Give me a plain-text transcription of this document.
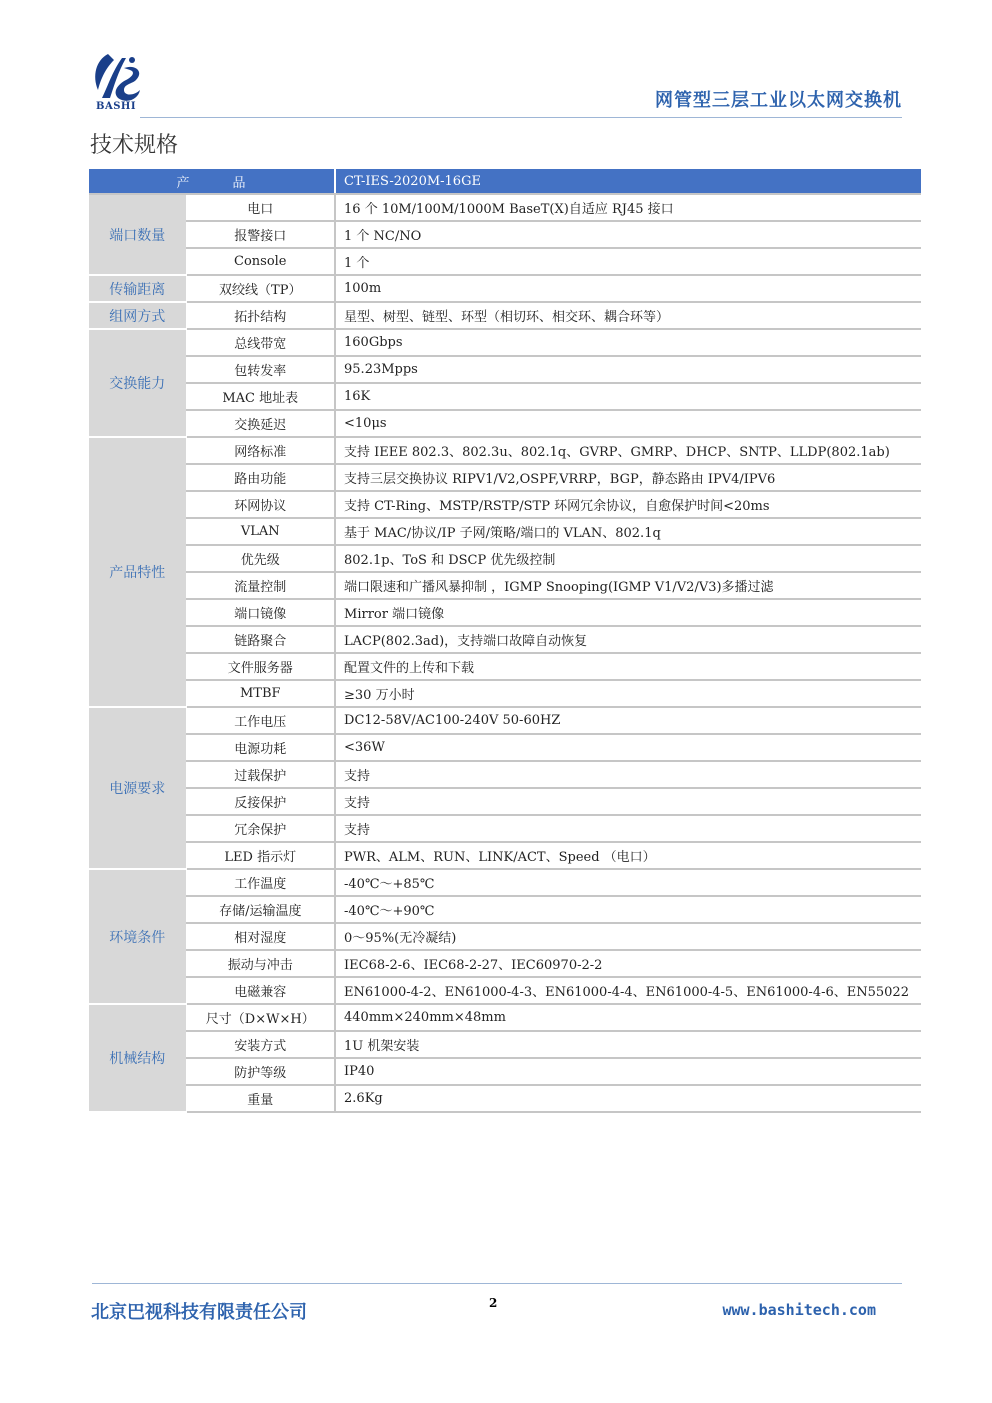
BASHI	网管型三层工业以太网交换机
技术规格
产　　　品		CT-IES-2020M-16GE
端口数量	电口	16 个 10M/100M/1000M BaseT(X)自适应 RJ45 接口
	报警接口	1 个 NC/NO
	Console	1 个
传输距离	双绞线（TP）	100m
组网方式	拓扑结构	星型、树型、链型、环型（相切环、相交环、耦合环等）
交换能力	总线带宽	160Gbps
	包转发率	95.23Mpps
	MAC 地址表	16K
	交换延迟	<10μs
产品特性	网络标准	支持 IEEE 802.3、802.3u、802.1q、GVRP、GMRP、DHCP、SNTP、LLDP(802.1ab)
	路由功能	支持三层交换协议 RIPV1/V2,OSPF,VRRP，BGP，静态路由 IPV4/IPV6
	环网协议	支持 CT-Ring、MSTP/RSTP/STP 环网冗余协议，自愈保护时间<20ms
	VLAN	基于 MAC/协议/IP 子网/策略/端口的 VLAN、802.1q
	优先级	802.1p、ToS 和 DSCP 优先级控制
	流量控制	端口限速和广播风暴抑制 ，IGMP Snooping(IGMP V1/V2/V3)多播过滤
	端口镜像	Mirror 端口镜像
	链路聚合	LACP(802.3ad)，支持端口故障自动恢复
	文件服务器	配置文件的上传和下载
	MTBF	≥30 万小时
电源要求	工作电压	DC12-58V/AC100-240V 50-60HZ
	电源功耗	<36W
	过载保护	支持
	反接保护	支持
	冗余保护	支持
	LED 指示灯	PWR、ALM、RUN、LINK/ACT、Speed （电口）
环境条件	工作温度	-40℃～+85℃
	存储/运输温度	-40℃～+90℃
	相对湿度	0～95%(无冷凝结)
	振动与冲击	IEC68-2-6、IEC68-2-27、IEC60970-2-2
	电磁兼容	EN61000-4-2、EN61000-4-3、EN61000-4-4、EN61000-4-5、EN61000-4-6、EN55022
机械结构	尺寸（D×W×H）	440mm×240mm×48mm
	安装方式	1U 机架安装
	防护等级	IP40
	重量	2.6Kg
北京巴视科技有限责任公司	2	www.bashitech.com
